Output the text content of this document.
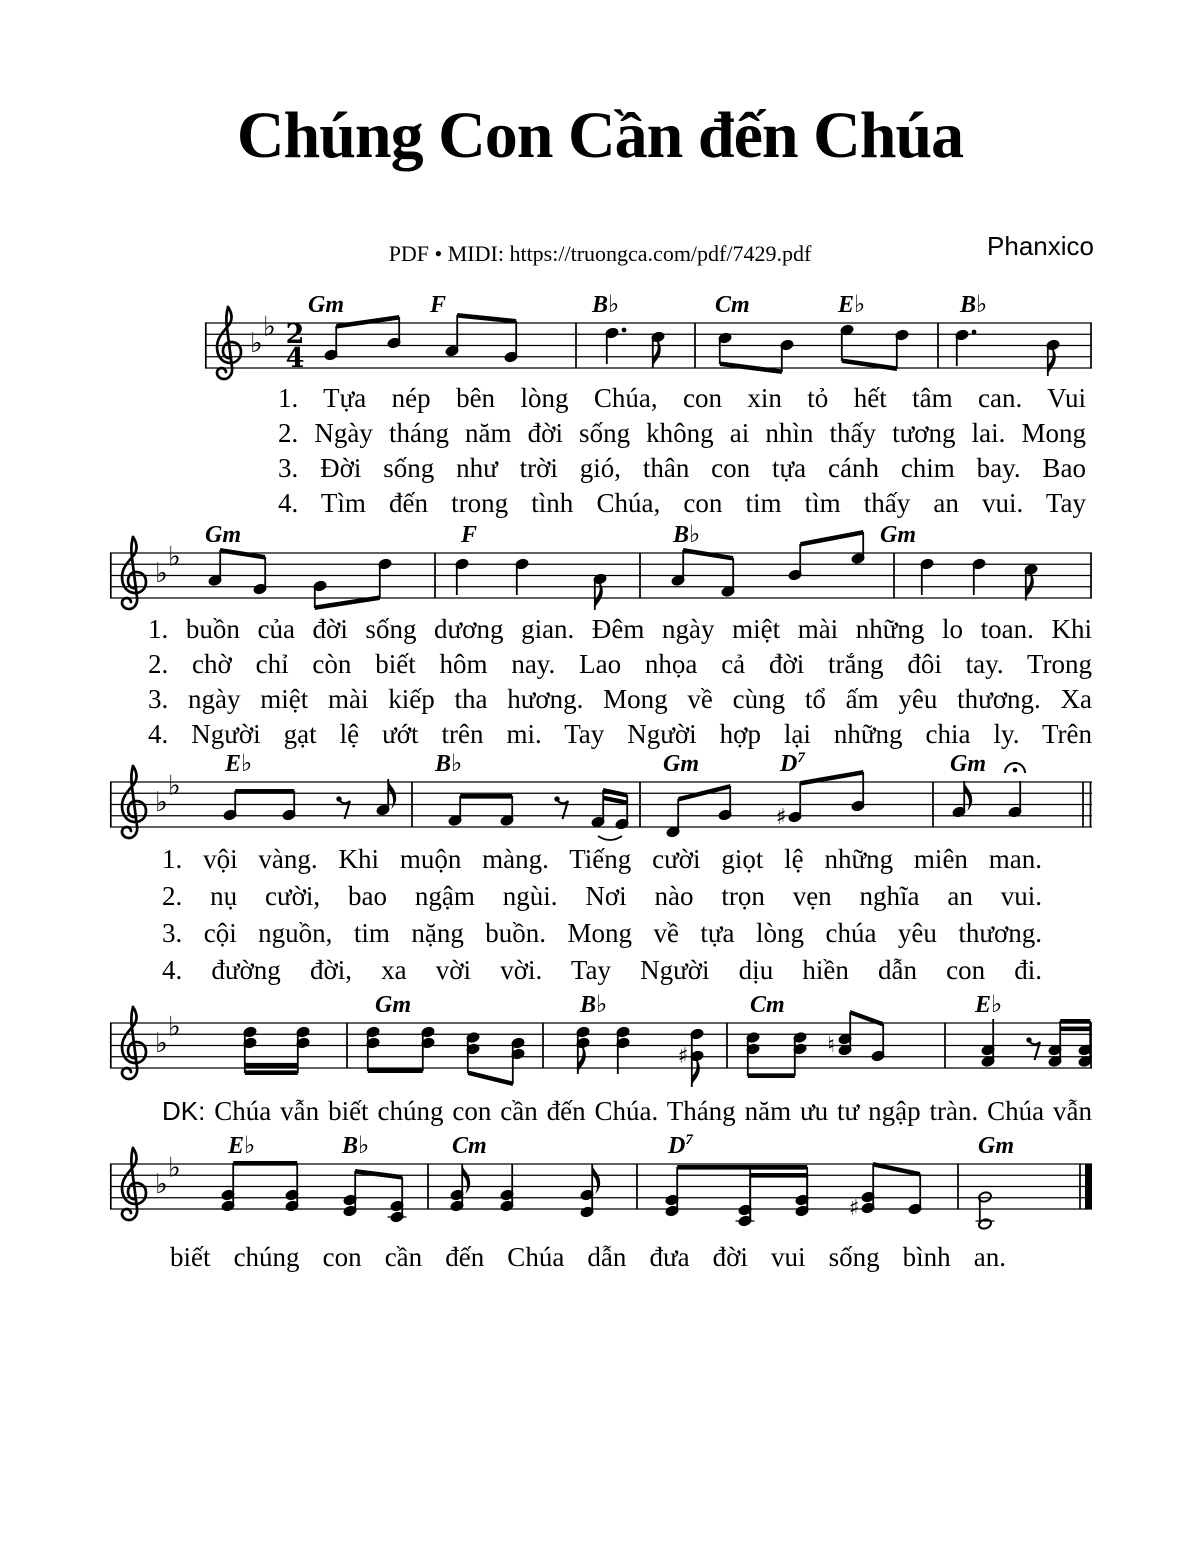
Chúng Con Cần đến Chúa
PDF • MIDI: https://truongca.com/pdf/7429.pdf	Phanxico
♭
♭ 2
4
Gm	F	B♭	Cm	E♭	B♭
♭
♭
Gm	F	B♭	Gm
♭
♭
E♭	B♭	Gm	$D^7$	Gm
♯
♭
♭
Gm	B♭	Cm	E♭
♯	♮
♭
♭
E♭	B♭	Cm	$D^7$	Gm
♯
1. Tựa nép bên lòng Chúa, con xin tỏ hết tâm can. Vui
2. Ngày tháng năm đời sống không ai nhìn thấy tương lai. Mong
3. Đời sống như trời gió, thân con tựa cánh chim bay. Bao
4. Tìm đến trong tình Chúa, con tim tìm thấy an vui. Tay
1. buồn của đời sống dương gian. Đêm ngày miệt mài những lo toan. Khi
2. chờ chỉ còn biết hôm nay. Lao nhọa cả đời trắng đôi tay. Trong
3. ngày miệt mài kiếp tha hương. Mong về cùng tổ ấm yêu thương. Xa
4. Người gạt lệ ướt trên mi. Tay Người hợp lại những chia ly. Trên
1. vội vàng. Khi muộn màng. Tiếng cười giọt lệ những miên man.
2. nụ cười, bao ngậm ngùi. Nơi nào trọn vẹn nghĩa an vui.
3. cội nguồn, tim nặng buồn. Mong về tựa lòng chúa yêu thương.
4. đường đời, xa vời vời. Tay Người dịu hiền dẫn con đi.
DK: Chúa vẫn biết chúng con cần đến Chúa. Tháng năm ưu tư ngập tràn. Chúa vẫn
biết chúng con cần đến Chúa dẫn đưa đời vui sống bình an.
